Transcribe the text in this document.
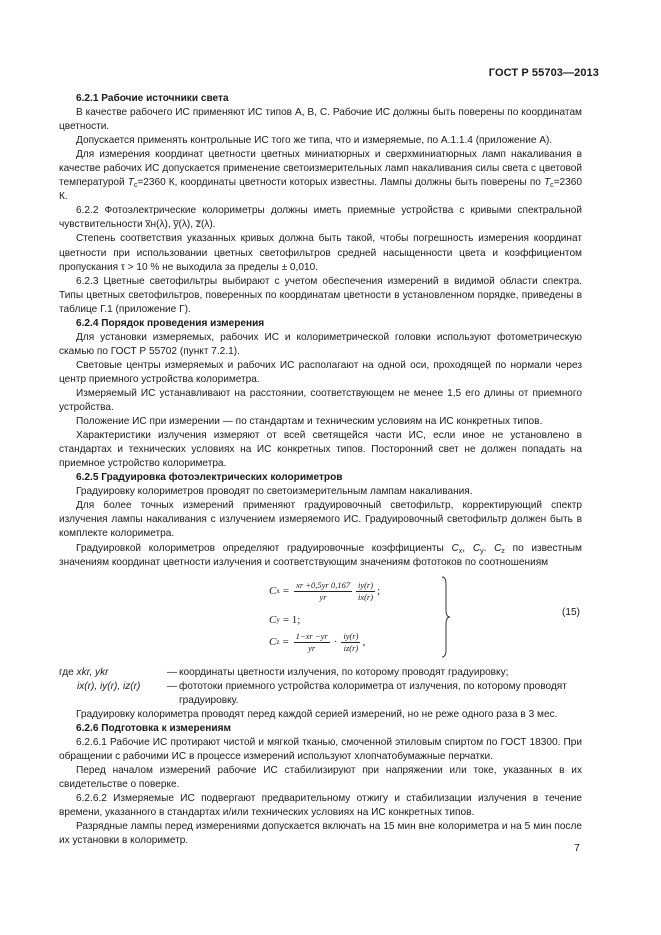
ГОСТ Р 55703—2013

6.2.1 Рабочие источники света

В качестве рабочего ИС применяют ИС типов А, В, С. Рабочие ИС должны быть поверены по координатам цветности.

Допускается применять контрольные ИС того же типа, что и измеряемые, по А.1.1.4 (приложение А).

Для измерения координат цветности цветных миниатюрных и сверхминиатюрных ламп накаливания в качестве рабочих ИС допускается применение светоизмерительных ламп накаливания силы света с цветовой температурой $T_c=2360$ К, координаты цветности которых известны. Лампы должны быть поверены по $T_c=2360$ К.

6.2.2 Фотоэлектрические колориметры должны иметь приемные устройства с кривыми спектральной чувствительности x̅н(λ), y̅(λ), z̅(λ).

Степень соответствия указанных кривых должна быть такой, чтобы погрешность измерения координат цветности при использовании цветных светофильтров средней насыщенности цвета и коэффициентом пропускания τ > 10 % не выходила за пределы ± 0,010.

6.2.3 Цветные светофильтры выбирают с учетом обеспечения измерений в видимой области спектра. Типы цветных светофильтров, поверенных по координатам цветности в установленном порядке, приведены в таблице Г.1 (приложение Г).

6.2.4 Порядок проведения измерения

Для установки измеряемых, рабочих ИС и колориметрической головки используют фотометрическую скамью по ГОСТ Р 55702 (пункт 7.2.1).

Световые центры измеряемых и рабочих ИС располагают на одной оси, проходящей по нормали через центр приемного устройства колориметра.

Измеряемый ИС устанавливают на расстоянии, соответствующем не менее 1,5 его длины от приемного устройства.

Положение ИС при измерении — по стандартам и техническим условиям на ИС конкретных типов.

Характеристики излучения измеряют от всей светящейся части ИС, если иное не установлено в стандартах и технических условиях на ИС конкретных типов. Посторонний свет не должен попадать на приемное устройство колориметра.

6.2.5 Градуировка фотоэлектрических колориметров

Градуировку колориметров проводят по светоизмерительным лампам накаливания.

Для более точных измерений применяют градуировочный светофильтр, корректирующий спектр излучения лампы накаливания с излучением измеряемого ИС. Градуировочный светофильтр должен быть в комплекте колориметра.

Градуировкой колориметров определяют градуировочные коэффициенты $C_x$, $C_y$. $C_z$ по известным значениям координат цветности излучения и соответствующим значениям фототоков по соотношениям

C $x = \frac{xr +0,5yr 0,167}{yr} \frac{iy(r)}{ix(r)}$ ;
C y = 1;
C $z = \frac{1-xr -yr}{yr} \cdot \frac{iy(r)}{iz(r)}$ ,
(15)
где xkr, ykr	— координаты цветности излучения, по которому проводят градуировку;
ix(r), iy(r), iz(r)	— фототоки приемного устройства колориметра от излучения, по которому проводят градуировку.

Градуировку колориметра проводят перед каждой серией измерений, но не реже одного раза в 3 мес.

6.2.6 Подготовка к измерениям

6.2.6.1 Рабочие ИС протирают чистой и мягкой тканью, смоченной этиловым спиртом по ГОСТ 18300. При обращении с рабочими ИС в процессе измерений используют хлопчатобумажные перчатки.

Перед началом измерений рабочие ИС стабилизируют при напряжении или токе, указанных в их свидетельстве о поверке.

6.2.6.2 Измеряемые ИС подвергают предварительному отжигу и стабилизации излучения в течение времени, указанного в стандартах и/или технических условиях на ИС конкретных типов.

Разрядные лампы перед измерениями допускается включать на 15 мин вне колориметра и на 5 мин после их установки в колориметр.

7
